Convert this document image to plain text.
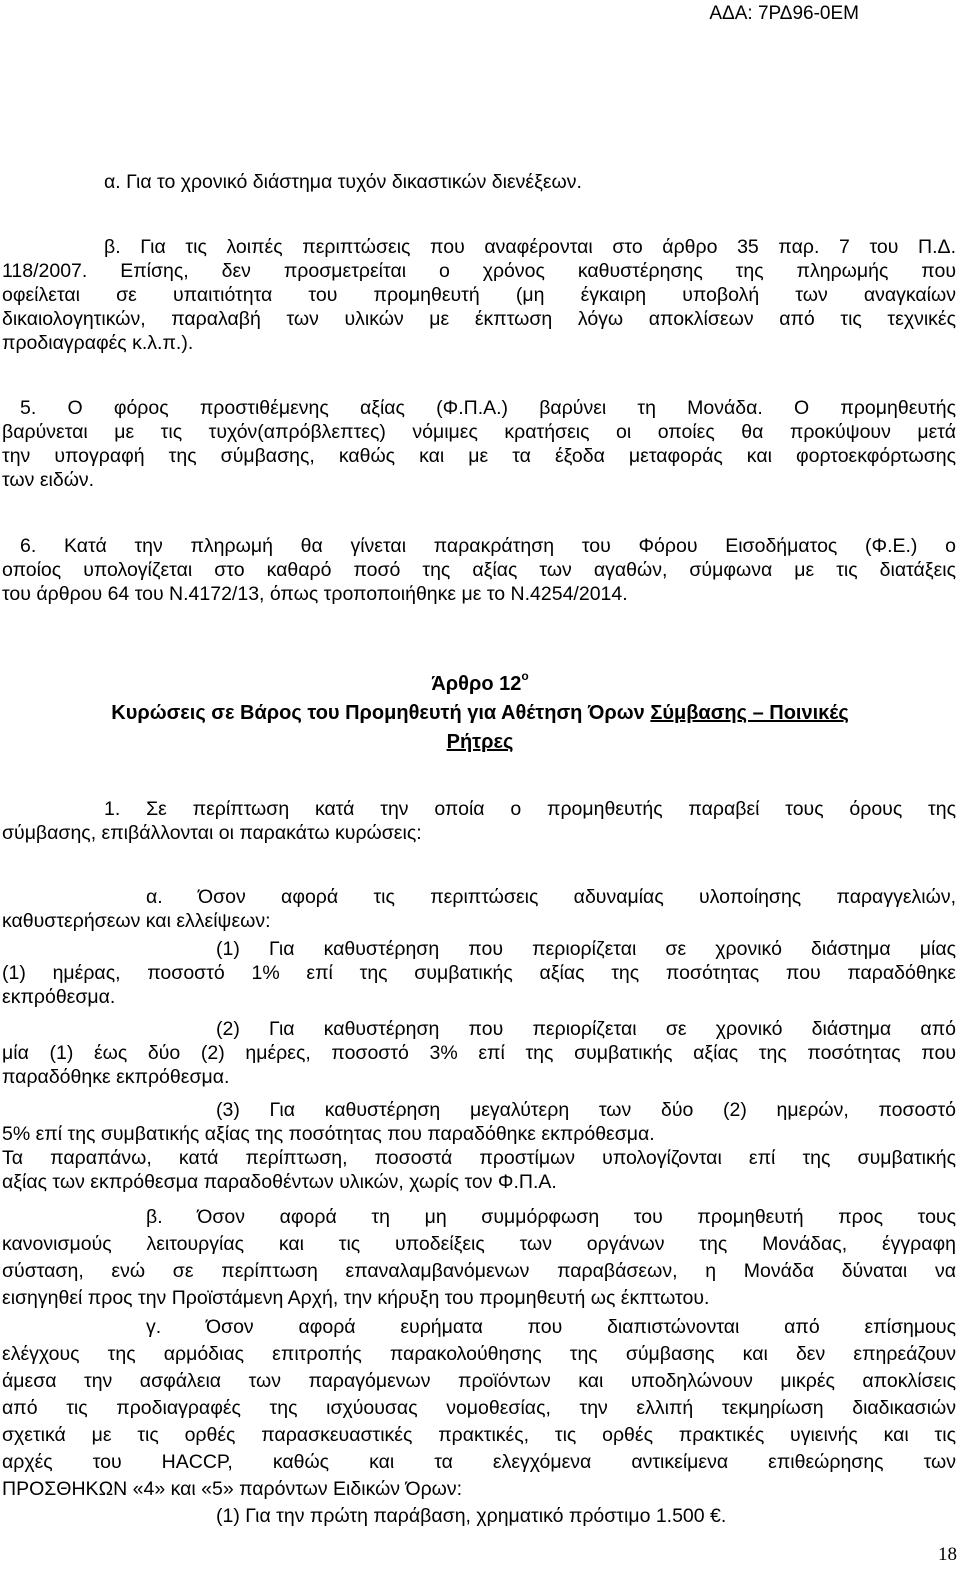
ΑΔΑ: 7ΡΔ96-0ΕΜ
α. Για το χρονικό διάστημα τυχόν δικαστικών διενέξεων.
β. Για τις λοιπές περιπτώσεις που αναφέρονται στο άρθρο 35 παρ. 7 του Π.Δ.
118/2007. Επίσης, δεν προσμετρείται ο χρόνος καθυστέρησης της πληρωμής που
οφείλεται σε υπαιτιότητα του προμηθευτή (μη έγκαιρη υποβολή των αναγκαίων
δικαιολογητικών, παραλαβή των υλικών με έκπτωση λόγω αποκλίσεων από τις τεχνικές
προδιαγραφές κ.λ.π.).
5. Ο φόρος προστιθέμενης αξίας (Φ.Π.Α.) βαρύνει τη Μονάδα. Ο προμηθευτής
βαρύνεται με τις τυχόν(απρόβλεπτες) νόμιμες κρατήσεις οι οποίες θα προκύψουν μετά
την υπογραφή της σύμβασης, καθώς και με τα έξοδα μεταφοράς και φορτοεκφόρτωσης
των ειδών.
6. Κατά την πληρωμή θα γίνεται παρακράτηση του Φόρου Εισοδήματος (Φ.Ε.) ο
οποίος υπολογίζεται στο καθαρό ποσό της αξίας των αγαθών, σύμφωνα με τις διατάξεις
του άρθρου 64 του Ν.4172/13, όπως τροποποιήθηκε με το Ν.4254/2014.
Άρθρο $12^o$
Κυρώσεις σε Βάρος του Προμηθευτή για Αθέτηση Όρων Σύμβασης – Ποινικές
Ρήτρες
1. Σε περίπτωση κατά την οποία ο προμηθευτής παραβεί τους όρους της
σύμβασης, επιβάλλονται οι παρακάτω κυρώσεις:
α. Όσον αφορά τις περιπτώσεις αδυναμίας υλοποίησης παραγγελιών,
καθυστερήσεων και ελλείψεων:
(1) Για καθυστέρηση που περιορίζεται σε χρονικό διάστημα μίας
(1) ημέρας, ποσοστό 1% επί της συμβατικής αξίας της ποσότητας που παραδόθηκε
εκπρόθεσμα.
(2) Για καθυστέρηση που περιορίζεται σε χρονικό διάστημα από
μία (1) έως δύο (2) ημέρες, ποσοστό 3% επί της συμβατικής αξίας της ποσότητας που
παραδόθηκε εκπρόθεσμα.
(3) Για καθυστέρηση μεγαλύτερη των δύο (2) ημερών, ποσοστό
5% επί της συμβατικής αξίας της ποσότητας που παραδόθηκε εκπρόθεσμα.
Τα παραπάνω, κατά περίπτωση, ποσοστά προστίμων υπολογίζονται επί της συμβατικής
αξίας των εκπρόθεσμα παραδοθέντων υλικών, χωρίς τον Φ.Π.Α.
β. Όσον αφορά τη μη συμμόρφωση του προμηθευτή προς τους
κανονισμούς λειτουργίας και τις υποδείξεις των οργάνων της Μονάδας, έγγραφη
σύσταση, ενώ σε περίπτωση επαναλαμβανόμενων παραβάσεων, η Μονάδα δύναται να
εισηγηθεί προς την Προϊστάμενη Αρχή, την κήρυξη του προμηθευτή ως έκπτωτου.
γ. Όσον αφορά ευρήματα που διαπιστώνονται από επίσημους
ελέγχους της αρμόδιας επιτροπής παρακολούθησης της σύμβασης και δεν επηρεάζουν
άμεσα την ασφάλεια των παραγόμενων προϊόντων και υποδηλώνουν μικρές αποκλίσεις
από τις προδιαγραφές της ισχύουσας νομοθεσίας, την ελλιπή τεκμηρίωση διαδικασιών
σχετικά με τις ορθές παρασκευαστικές πρακτικές, τις ορθές πρακτικές υγιεινής και τις
αρχές του HACCP, καθώς και τα ελεγχόμενα αντικείμενα επιθεώρησης των
ΠΡΟΣΘΗΚΩΝ «4» και «5» παρόντων Ειδικών Όρων:
(1) Για την πρώτη παράβαση, χρηματικό πρόστιμο 1.500 €.
18
